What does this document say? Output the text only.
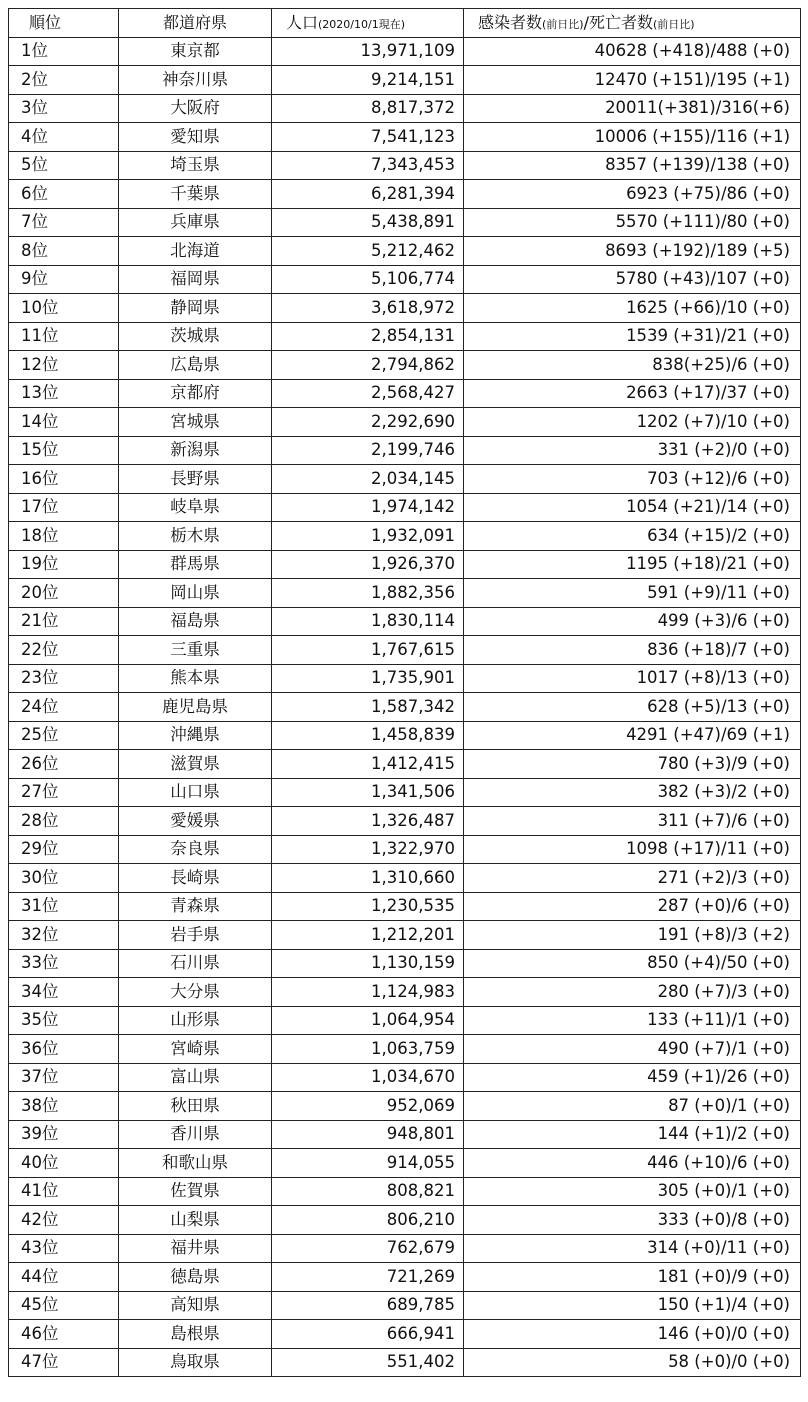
順位	都道府県	人口(2020/10/1現在)	感染者数(前日比)/死亡者数(前日比)
1位	東京都	13,971,109	40628 (+418)/488 (+0)
2位	神奈川県	9,214,151	12470 (+151)/195 (+1)
3位	大阪府	8,817,372	20011(+381)/316(+6)
4位	愛知県	7,541,123	10006 (+155)/116 (+1)
5位	埼玉県	7,343,453	8357 (+139)/138 (+0)
6位	千葉県	6,281,394	6923 (+75)/86 (+0)
7位	兵庫県	5,438,891	5570 (+111)/80 (+0)
8位	北海道	5,212,462	8693 (+192)/189 (+5)
9位	福岡県	5,106,774	5780 (+43)/107 (+0)
10位	静岡県	3,618,972	1625 (+66)/10 (+0)
11位	茨城県	2,854,131	1539 (+31)/21 (+0)
12位	広島県	2,794,862	838(+25)/6 (+0)
13位	京都府	2,568,427	2663 (+17)/37 (+0)
14位	宮城県	2,292,690	1202 (+7)/10 (+0)
15位	新潟県	2,199,746	331 (+2)/0 (+0)
16位	長野県	2,034,145	703 (+12)/6 (+0)
17位	岐阜県	1,974,142	1054 (+21)/14 (+0)
18位	栃木県	1,932,091	634 (+15)/2 (+0)
19位	群馬県	1,926,370	1195 (+18)/21 (+0)
20位	岡山県	1,882,356	591 (+9)/11 (+0)
21位	福島県	1,830,114	499 (+3)/6 (+0)
22位	三重県	1,767,615	836 (+18)/7 (+0)
23位	熊本県	1,735,901	1017 (+8)/13 (+0)
24位	鹿児島県	1,587,342	628 (+5)/13 (+0)
25位	沖縄県	1,458,839	4291 (+47)/69 (+1)
26位	滋賀県	1,412,415	780 (+3)/9 (+0)
27位	山口県	1,341,506	382 (+3)/2 (+0)
28位	愛媛県	1,326,487	311 (+7)/6 (+0)
29位	奈良県	1,322,970	1098 (+17)/11 (+0)
30位	長崎県	1,310,660	271 (+2)/3 (+0)
31位	青森県	1,230,535	287 (+0)/6 (+0)
32位	岩手県	1,212,201	191 (+8)/3 (+2)
33位	石川県	1,130,159	850 (+4)/50 (+0)
34位	大分県	1,124,983	280 (+7)/3 (+0)
35位	山形県	1,064,954	133 (+11)/1 (+0)
36位	宮崎県	1,063,759	490 (+7)/1 (+0)
37位	富山県	1,034,670	459 (+1)/26 (+0)
38位	秋田県	952,069	87 (+0)/1 (+0)
39位	香川県	948,801	144 (+1)/2 (+0)
40位	和歌山県	914,055	446 (+10)/6 (+0)
41位	佐賀県	808,821	305 (+0)/1 (+0)
42位	山梨県	806,210	333 (+0)/8 (+0)
43位	福井県	762,679	314 (+0)/11 (+0)
44位	徳島県	721,269	181 (+0)/9 (+0)
45位	高知県	689,785	150 (+1)/4 (+0)
46位	島根県	666,941	146 (+0)/0 (+0)
47位	鳥取県	551,402	58 (+0)/0 (+0)
